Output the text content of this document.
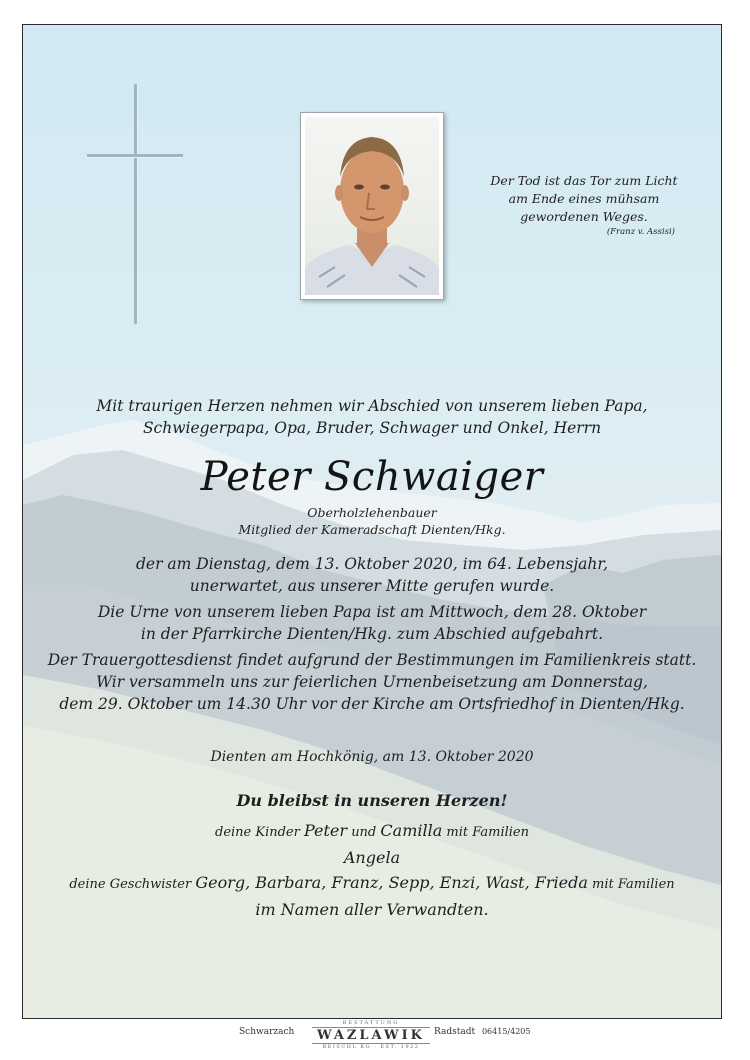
Der Tod ist das Tor zum Licht
am Ende eines mühsam
gewordenen Weges.
(Franz v. Assisi)
Mit traurigen Herzen nehmen wir Abschied von unserem lieben Papa,
Schwiegerpapa, Opa, Bruder, Schwager und Onkel, Herrn
Peter Schwaiger
Oberholzlehenbauer
Mitglied der Kameradschaft Dienten/Hkg.

der am Dienstag, dem 13. Oktober 2020, im 64. Lebensjahr,
unerwartet, aus unserer Mitte gerufen wurde.

Die Urne von unserem lieben Papa ist am Mittwoch, dem 28. Oktober
in der Pfarrkirche Dienten/Hkg. zum Abschied aufgebahrt.

Der Trauergottesdienst findet aufgrund der Bestimmungen im Familienkreis statt.
Wir versammeln uns zur feierlichen Urnenbeisetzung am Donnerstag,
dem 29. Oktober um 14.30 Uhr vor der Kirche am Ortsfriedhof in Dienten/Hkg.

Dienten am Hochkönig, am 13. Oktober 2020
Du bleibst in unseren Herzen!
deine Kinder Peter und Camilla mit Familien
Angela
deine Geschwister Georg, Barbara, Franz, Sepp, Enzi, Wast, Frieda mit Familien
im Namen aller Verwandten.
Schwarzach
BESTATTUNG
WAZLAWIK
REISCHL KG · EST. 1922
Radstadt 06415/4205
